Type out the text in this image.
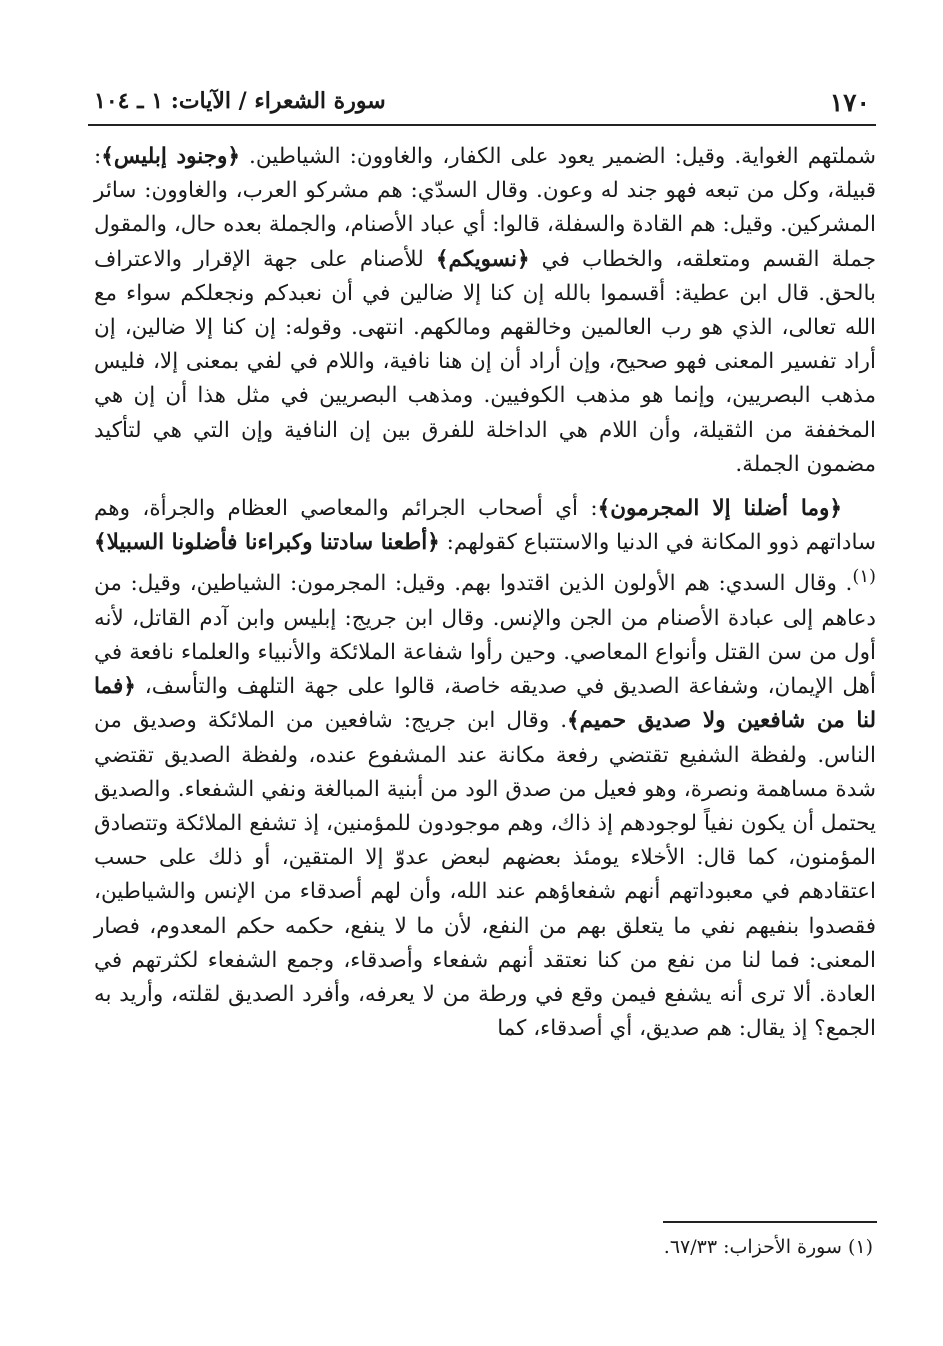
١٧٠
سورة الشعراء / الآيات: ١ ـ ١٠٤

شملتهم الغواية. وقيل: الضمير يعود على الكفار، والغاوون: الشياطين. ﴿وجنود إبليس﴾: قبيلة، وكل من تبعه فهو جند له وعون. وقال السدّي: هم مشركو العرب، والغاوون: سائر المشركين. وقيل: هم القادة والسفلة، قالوا: أي عباد الأصنام، والجملة بعده حال، والمقول جملة القسم ومتعلقه، والخطاب في ﴿نسويكم﴾ للأصنام على جهة الإقرار والاعتراف بالحق. قال ابن عطية: أقسموا بالله إن كنا إلا ضالين في أن نعبدكم ونجعلكم سواء مع الله تعالى، الذي هو رب العالمين وخالقهم ومالكهم. انتهى. وقوله: إن كنا إلا ضالين، إن أراد تفسير المعنى فهو صحيح، وإن أراد أن إن هنا نافية، واللام في لفي بمعنى إلا، فليس مذهب البصريين، وإنما هو مذهب الكوفيين. ومذهب البصريين في مثل هذا أن إن هي المخففة من الثقيلة، وأن اللام هي الداخلة للفرق بين إن النافية وإن التي هي لتأكيد مضمون الجملة.

﴿وما أضلنا إلا المجرمون﴾: أي أصحاب الجرائم والمعاصي العظام والجرأة، وهم ساداتهم ذوو المكانة في الدنيا والاستتباع كقولهم: ﴿أطعنا سادتنا وكبراءنا فأضلونا السبيلا﴾$^{(١)}$. وقال السدي: هم الأولون الذين اقتدوا بهم. وقيل: المجرمون: الشياطين، وقيل: من دعاهم إلى عبادة الأصنام من الجن والإنس. وقال ابن جريج: إبليس وابن آدم القاتل، لأنه أول من سن القتل وأنواع المعاصي. وحين رأوا شفاعة الملائكة والأنبياء والعلماء نافعة في أهل الإيمان، وشفاعة الصديق في صديقه خاصة، قالوا على جهة التلهف والتأسف، ﴿فما لنا من شافعين ولا صديق حميم﴾. وقال ابن جريج: شافعين من الملائكة وصديق من الناس. ولفظة الشفيع تقتضي رفعة مكانة عند المشفوع عنده، ولفظة الصديق تقتضي شدة مساهمة ونصرة، وهو فعيل من صدق الود من أبنية المبالغة ونفي الشفعاء. والصديق يحتمل أن يكون نفياً لوجودهم إذ ذاك، وهم موجودون للمؤمنين، إذ تشفع الملائكة وتتصادق المؤمنون، كما قال: الأخلاء يومئذ بعضهم لبعض عدوّ إلا المتقين، أو ذلك على حسب اعتقادهم في معبوداتهم أنهم شفعاؤهم عند الله، وأن لهم أصدقاء من الإنس والشياطين، فقصدوا بنفيهم نفي ما يتعلق بهم من النفع، لأن ما لا ينفع، حكمه حكم المعدوم، فصار المعنى: فما لنا من نفع من كنا نعتقد أنهم شفعاء وأصدقاء، وجمع الشفعاء لكثرتهم في العادة. ألا ترى أنه يشفع فيمن وقع في ورطة من لا يعرفه، وأفرد الصديق لقلته، وأريد به الجمع؟ إذ يقال: هم صديق، أي أصدقاء، كما

(١) سورة الأحزاب: ٦٧/٣٣.
